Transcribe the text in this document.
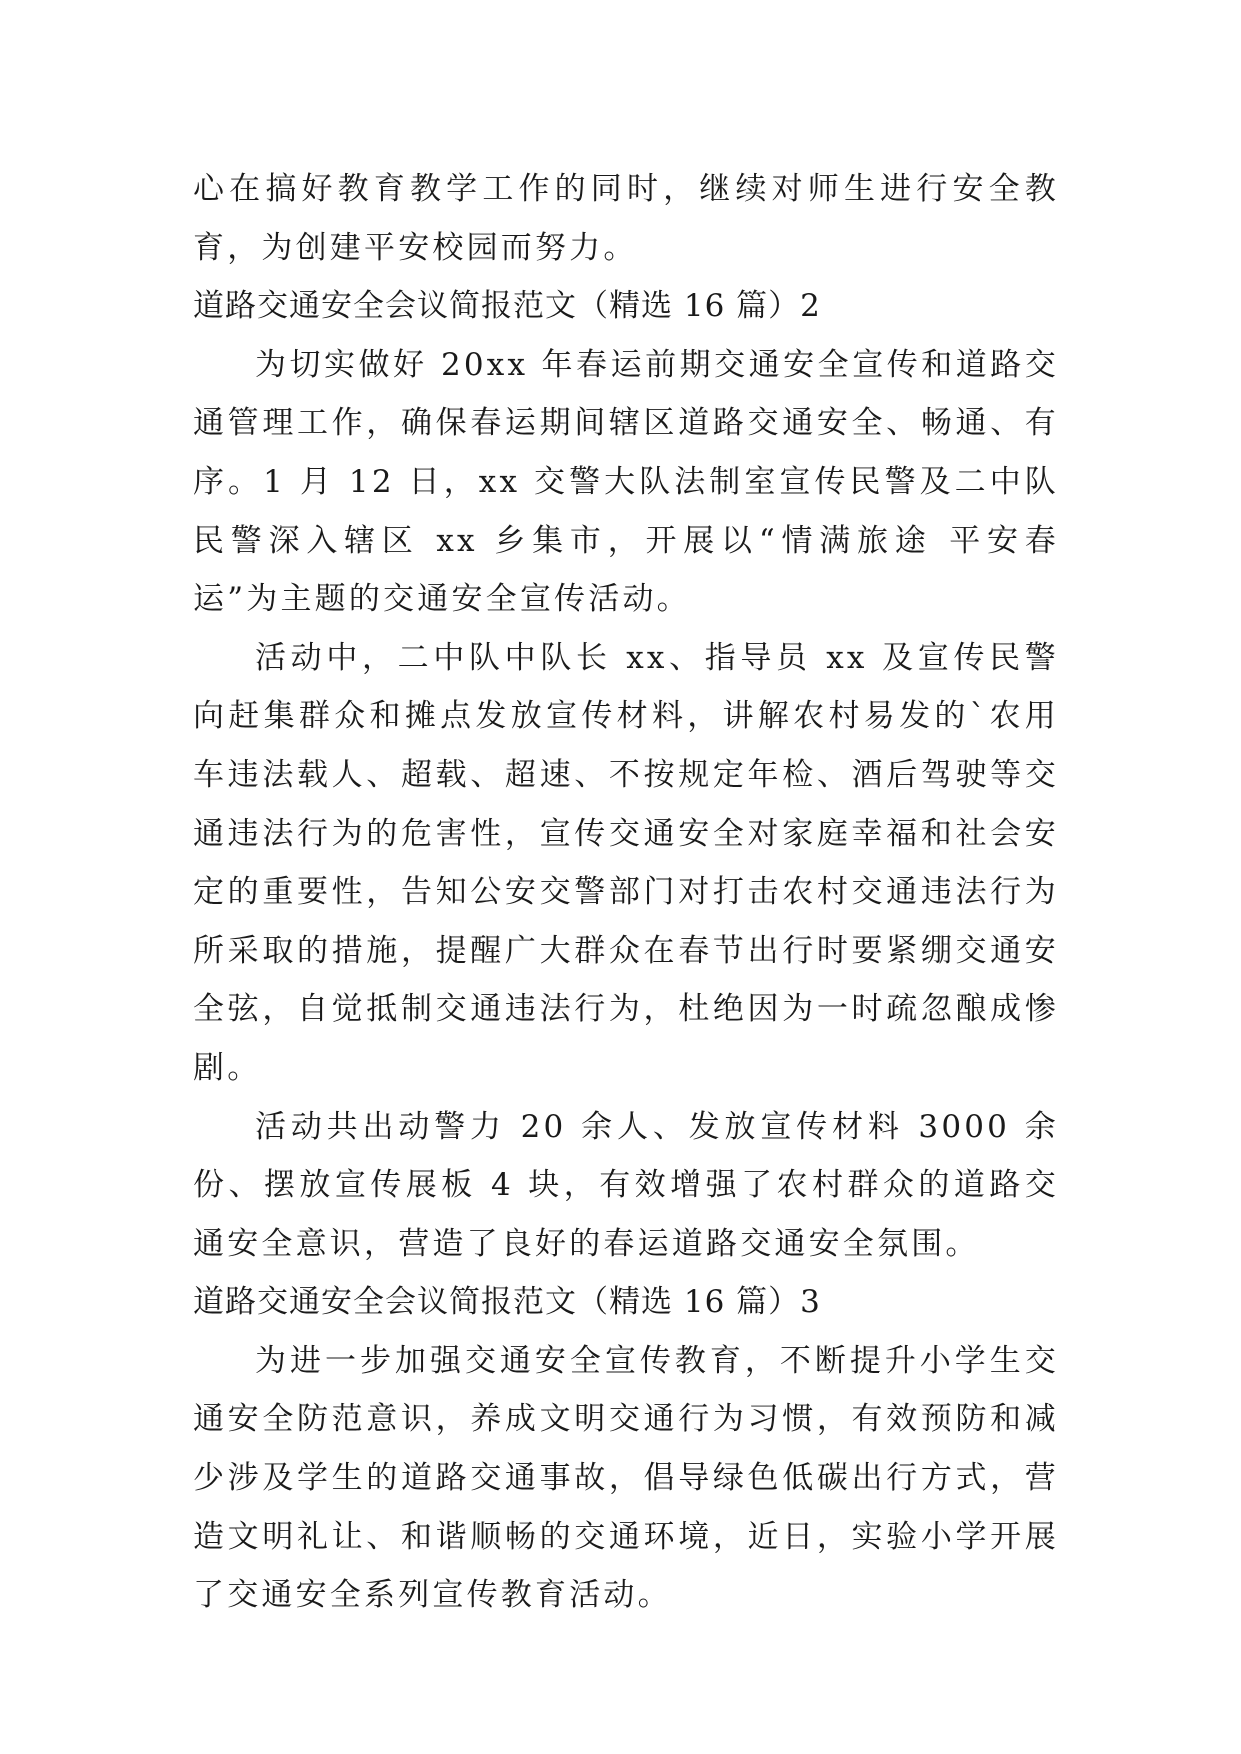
心在搞好教育教学工作的同时，继续对师生进行安全教育，为创建平安校园而努力。

道路交通安全会议简报范文（精选 16 篇）2

为切实做好 20xx 年春运前期交通安全宣传和道路交通管理工作，确保春运期间辖区道路交通安全、畅通、有序。1 月 12 日，xx 交警大队法制室宣传民警及二中队民警深入辖区 xx 乡集市，开展以“情满旅途 平安春运”为主题的交通安全宣传活动。

活动中，二中队中队长 xx、指导员 xx 及宣传民警向赶集群众和摊点发放宣传材料，讲解农村易发的`农用车违法载人、超载、超速、不按规定年检、酒后驾驶等交通违法行为的危害性，宣传交通安全对家庭幸福和社会安定的重要性，告知公安交警部门对打击农村交通违法行为所采取的措施，提醒广大群众在春节出行时要紧绷交通安全弦，自觉抵制交通违法行为，杜绝因为一时疏忽酿成惨剧。

活动共出动警力 20 余人、发放宣传材料 3000 余份、摆放宣传展板 4 块，有效增强了农村群众的道路交通安全意识，营造了良好的春运道路交通安全氛围。

道路交通安全会议简报范文（精选 16 篇）3

为进一步加强交通安全宣传教育，不断提升小学生交通安全防范意识，养成文明交通行为习惯，有效预防和减少涉及学生的道路交通事故，倡导绿色低碳出行方式，营造文明礼让、和谐顺畅的交通环境，近日，实验小学开展了交通安全系列宣传教育活动。
